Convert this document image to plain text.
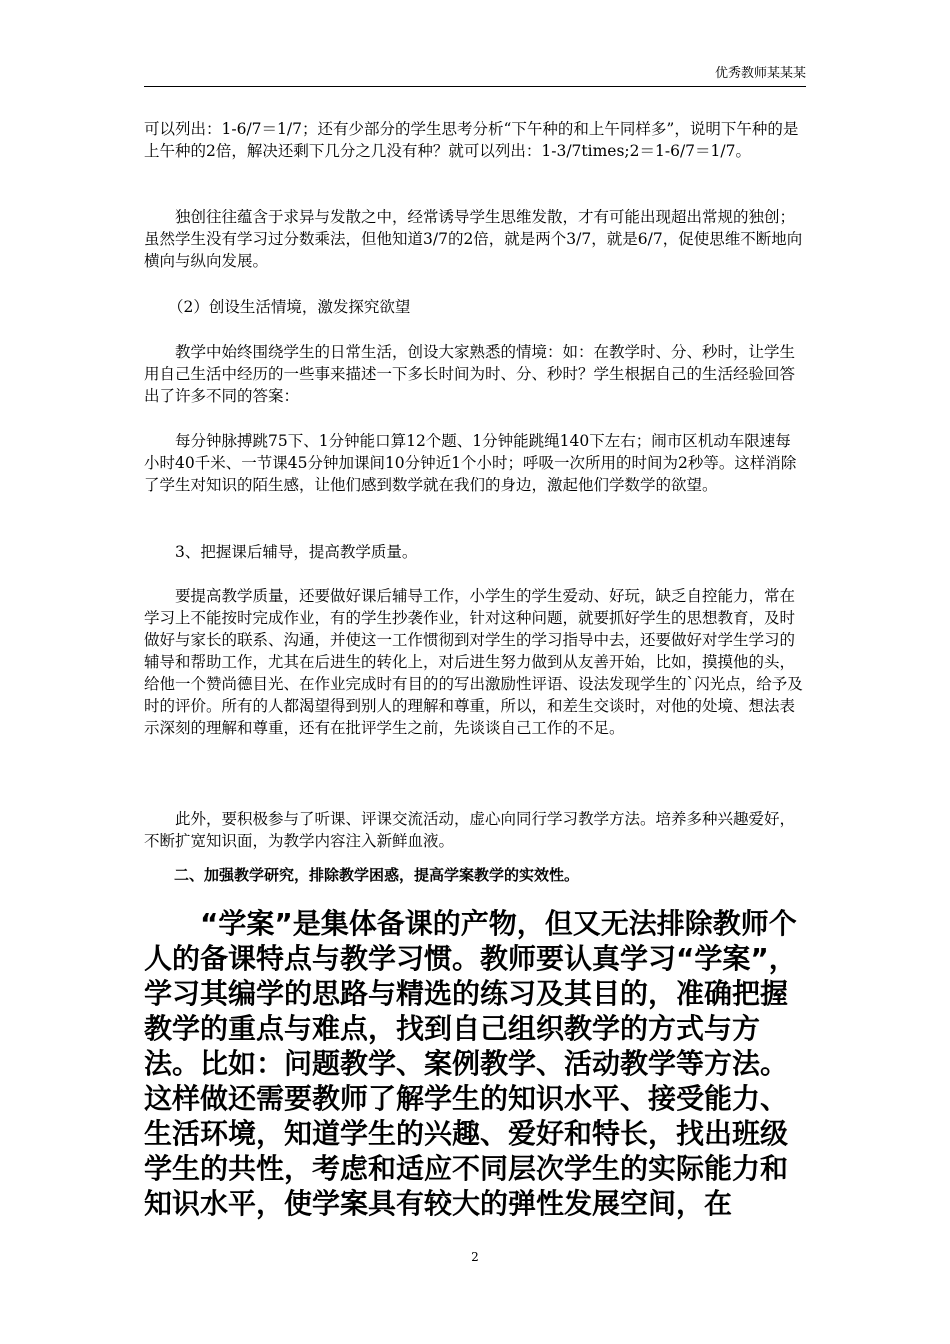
优秀教师某某某

可以列出：1-6/7＝1/7；还有少部分的学生思考分析“下午种的和上午同样多”，说明下午种的是上午种的2倍，解决还剩下几分之几没有种？就可以列出：1-3/7times;2＝1-6/7＝1/7。

独创往往蕴含于求异与发散之中，经常诱导学生思维发散，才有可能出现超出常规的独创；虽然学生没有学习过分数乘法，但他知道3/7的2倍，就是两个3/7，就是6/7，促使思维不断地向横向与纵向发展。

（2）创设生活情境，激发探究欲望

教学中始终围绕学生的日常生活，创设大家熟悉的情境：如：在教学时、分、秒时，让学生用自己生活中经历的一些事来描述一下多长时间为时、分、秒时？学生根据自己的生活经验回答出了许多不同的答案：

每分钟脉搏跳75下、1分钟能口算12个题、1分钟能跳绳140下左右；闹市区机动车限速每小时40千米、一节课45分钟加课间10分钟近1个小时；呼吸一次所用的时间为2秒等。这样消除了学生对知识的陌生感，让他们感到数学就在我们的身边，激起他们学数学的欲望。

3、把握课后辅导，提高教学质量。

要提高教学质量，还要做好课后辅导工作，小学生的学生爱动、好玩，缺乏自控能力，常在学习上不能按时完成作业，有的学生抄袭作业，针对这种问题，就要抓好学生的思想教育，及时做好与家长的联系、沟通，并使这一工作惯彻到对学生的学习指导中去，还要做好对学生学习的辅导和帮助工作，尤其在后进生的转化上，对后进生努力做到从友善开始，比如，摸摸他的头，给他一个赞尚德目光、在作业完成时有目的的写出激励性评语、设法发现学生的`闪光点，给予及时的评价。所有的人都渴望得到别人的理解和尊重，所以，和差生交谈时，对他的处境、想法表示深刻的理解和尊重，还有在批评学生之前，先谈谈自己工作的不足。

此外，要积极参与了听课、评课交流活动，虚心向同行学习教学方法。培养多种兴趣爱好，不断扩宽知识面，为教学内容注入新鲜血液。

二、加强教学研究，排除教学困惑，提高学案教学的实效性。

“学案”是集体备课的产物，但又无法排除教师个人的备课特点与教学习惯。教师要认真学习“学案”，学习其编学的思路与精选的练习及其目的，准确把握教学的重点与难点，找到自己组织教学的方式与方法。比如：问题教学、案例教学、活动教学等方法。这样做还需要教师了解学生的知识水平、接受能力、生活环境，知道学生的兴趣、爱好和特长，找出班级学生的共性，考虑和适应不同层次学生的实际能力和知识水平，使学案具有较大的弹性发展空间，在

2
